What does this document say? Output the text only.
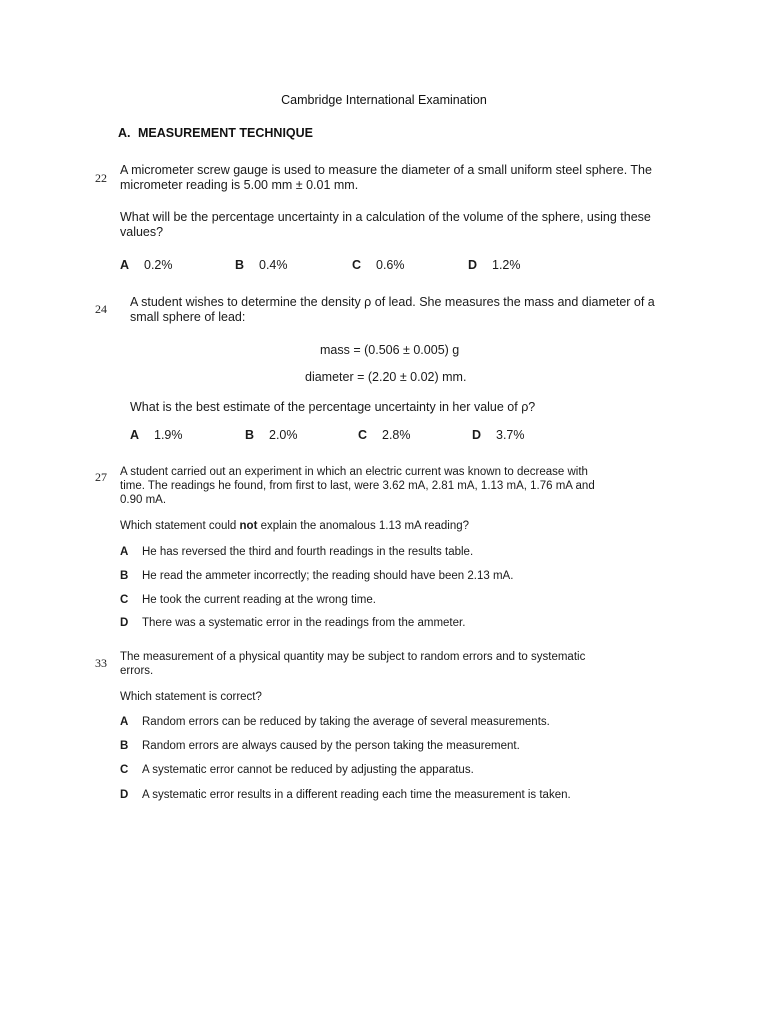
Cambridge International Examination
A. MEASUREMENT TECHNIQUE
22
A micrometer screw gauge is used to measure the diameter of a small uniform steel sphere. The
micrometer reading is 5.00 mm ± 0.01 mm.
What will be the percentage uncertainty in a calculation of the volume of the sphere, using these
values?
A 0.2%	B 0.4%	C 0.6%	D 1.2%
24 A student wishes to determine the density ρ of lead. She measures the mass and diameter of a
small sphere of lead:
mass = (0.506 ± 0.005) g
diameter = (2.20 ± 0.02) mm.
What is the best estimate of the percentage uncertainty in her value of ρ?
A 1.9%	B 2.0%	C 2.8%	D 3.7%
27 A student carried out an experiment in which an electric current was known to decrease with
time. The readings he found, from first to last, were 3.62 mA, 2.81 mA, 1.13 mA, 1.76 mA and
0.90 mA.
Which statement could not explain the anomalous 1.13 mA reading?
A He has reversed the third and fourth readings in the results table.
B He read the ammeter incorrectly; the reading should have been 2.13 mA.
C He took the current reading at the wrong time.
D There was a systematic error in the readings from the ammeter.
33 The measurement of a physical quantity may be subject to random errors and to systematic
errors.
Which statement is correct?
A Random errors can be reduced by taking the average of several measurements.
B Random errors are always caused by the person taking the measurement.
C A systematic error cannot be reduced by adjusting the apparatus.
D A systematic error results in a different reading each time the measurement is taken.
